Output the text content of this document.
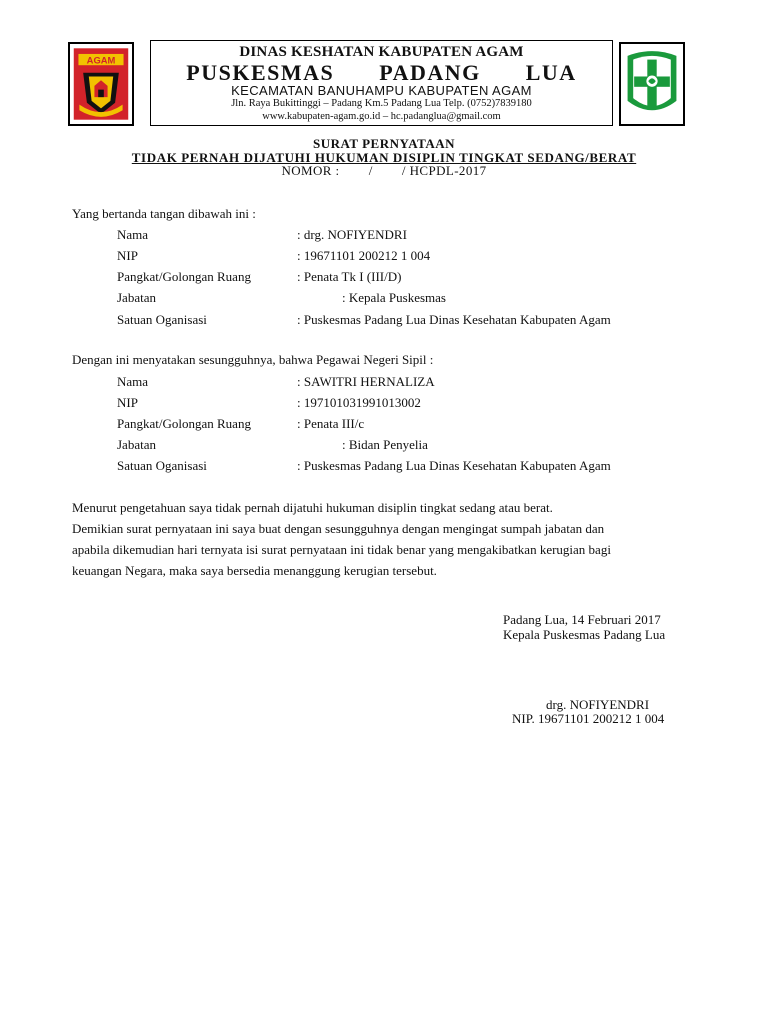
AGAM	DINAS KESHATAN KABUPATEN AGAM
PUSKESMAS   PADANG   LUA
KECAMATAN BANUHAMPU KABUPATEN AGAM
Jln. Raya Bukittinggi – Padang Km.5 Padang Lua Telp. (0752)7839180
www.kabupaten-agam.go.id – hc.padanglua@gmail.com
SURAT PERNYATAAN
TIDAK PERNAH DIJATUHI HUKUMAN DISIPLIN TINGKAT SEDANG/BERAT
NOMOR :        /        / HCPDL-2017
Yang bertanda tangan dibawah ini :
Nama	: drg. NOFIYENDRI
NIP	: 19671101 200212 1 004
Pangkat/Golongan Ruang	: Penata Tk I (III/D)
Jabatan	: Kepala Puskesmas
Satuan Oganisasi	: Puskesmas Padang Lua Dinas Kesehatan Kabupaten Agam
Dengan ini menyatakan sesungguhnya, bahwa Pegawai Negeri Sipil :
Nama	: SAWITRI HERNALIZA
NIP	: 197101031991013002
Pangkat/Golongan Ruang	: Penata III/c
Jabatan	: Bidan Penyelia
Satuan Oganisasi	: Puskesmas Padang Lua Dinas Kesehatan Kabupaten Agam
Menurut pengetahuan saya tidak pernah dijatuhi hukuman disiplin tingkat sedang atau berat.
Demikian surat pernyataan ini saya buat dengan sesungguhnya dengan mengingat sumpah jabatan dan
apabila dikemudian hari ternyata isi surat pernyataan ini tidak benar yang mengakibatkan kerugian bagi
keuangan Negara, maka saya bersedia menanggung kerugian tersebut.
Padang Lua, 14 Februari 2017
Kepala Puskesmas Padang Lua
drg. NOFIYENDRI
NIP. 19671101 200212 1 004
